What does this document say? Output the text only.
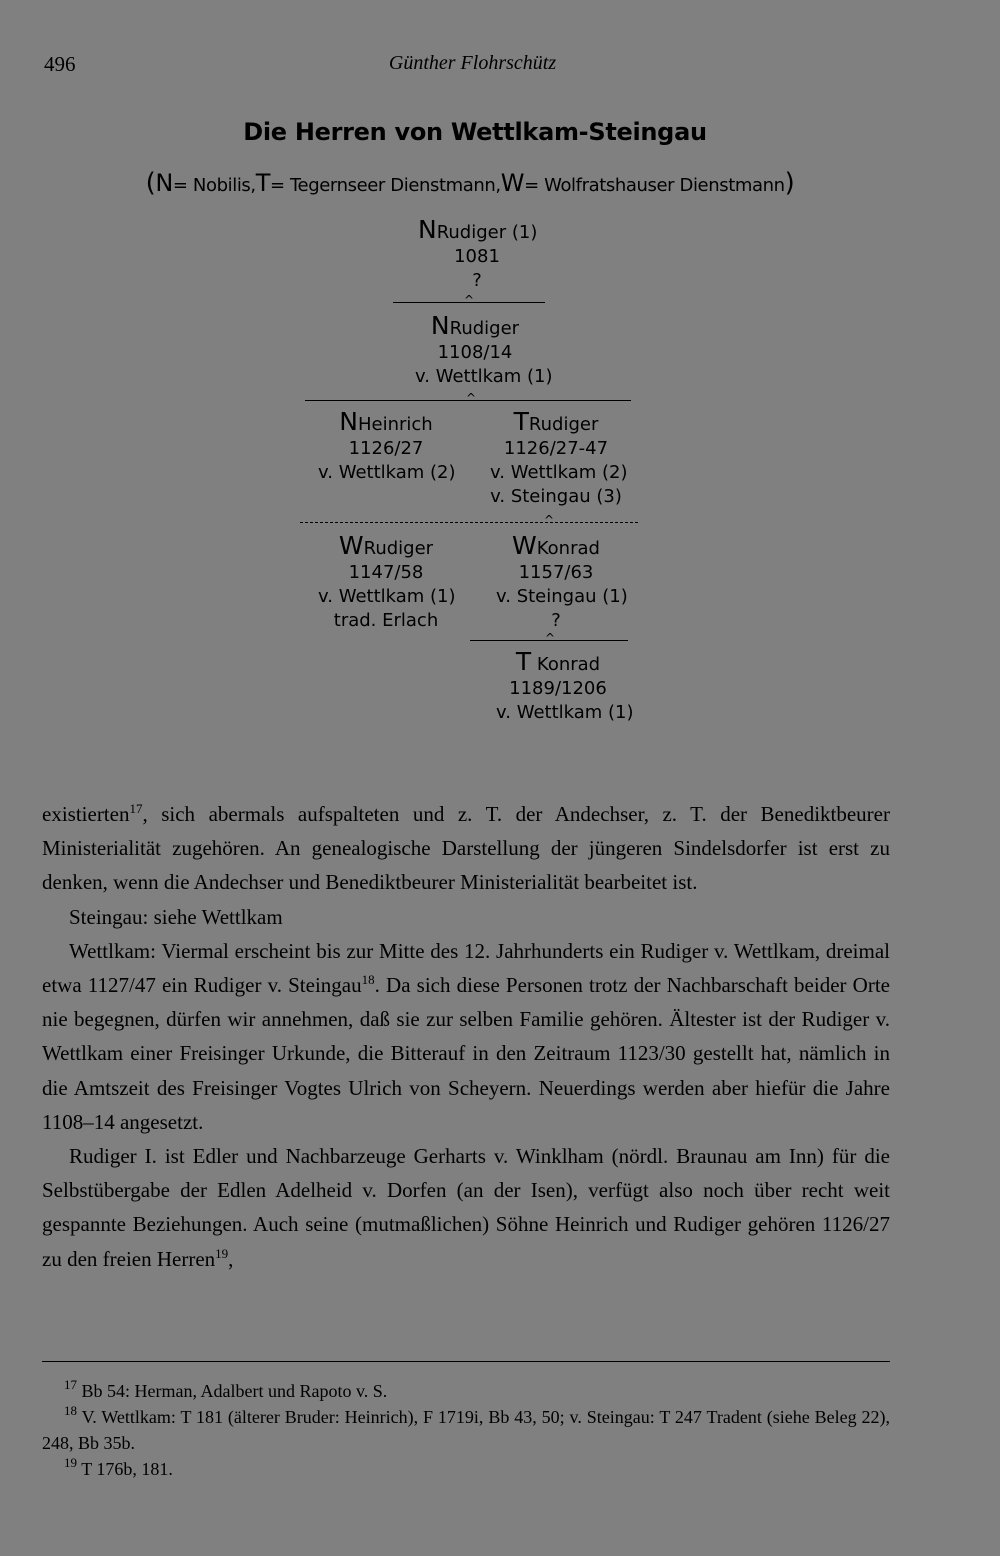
496	Günther Flohrschütz
Die Herren von Wettlkam-Steingau
(N= Nobilis,T= Tegernseer Dienstmann,W= Wolfratshauser Dienstmann)
NRudiger (1)
1081
?
^
NRudiger
1108/14
v. Wettlkam (1)
^
NHeinrich
1126/27
v. Wettlkam (2)
TRudiger
1126/27-47
v. Wettlkam (2)
v. Steingau (3)
^
WRudiger
1147/58
v. Wettlkam (1)
trad. Erlach
WKonrad
1157/63
v. Steingau (1)
?
^
T Konrad
1189/1206
v. Wettlkam (1)

existierten$^{17}$, sich abermals aufspalteten und z. T. der Andechser, z. T. der Benediktbeurer Ministerialität zugehören. An genealogische Darstellung der jüngeren Sindelsdorfer ist erst zu denken, wenn die Andechser und Benediktbeurer Ministerialität bearbeitet ist.

Steingau: siehe Wettlkam

Wettlkam: Viermal erscheint bis zur Mitte des 12. Jahrhunderts ein Rudiger v. Wettlkam, dreimal etwa 1127/47 ein Rudiger v. Steingau$^{18}$. Da sich diese Personen trotz der Nachbarschaft beider Orte nie begegnen, dürfen wir annehmen, daß sie zur selben Familie gehören. Ältester ist der Rudiger v. Wettlkam einer Freisinger Urkunde, die Bitterauf in den Zeitraum 1123/30 gestellt hat, nämlich in die Amtszeit des Freisinger Vogtes Ulrich von Scheyern. Neuerdings werden aber hiefür die Jahre 1108–14 angesetzt.

Rudiger I. ist Edler und Nachbarzeuge Gerharts v. Winklham (nördl. Braunau am Inn) für die Selbstübergabe der Edlen Adelheid v. Dorfen (an der Isen), verfügt also noch über recht weit gespannte Beziehungen. Auch seine (mutmaßlichen) Söhne Heinrich und Rudiger gehören 1126/27 zu den freien Herren$^{19}$,

$^{17}$ Bb 54: Herman, Adalbert und Rapoto v. S.

$^{18}$ V. Wettlkam: T 181 (älterer Bruder: Heinrich), F 1719i, Bb 43, 50; v. Steingau: T 247 Tradent (siehe Beleg 22), 248, Bb 35b.

$^{19}$ T 176b, 181.
